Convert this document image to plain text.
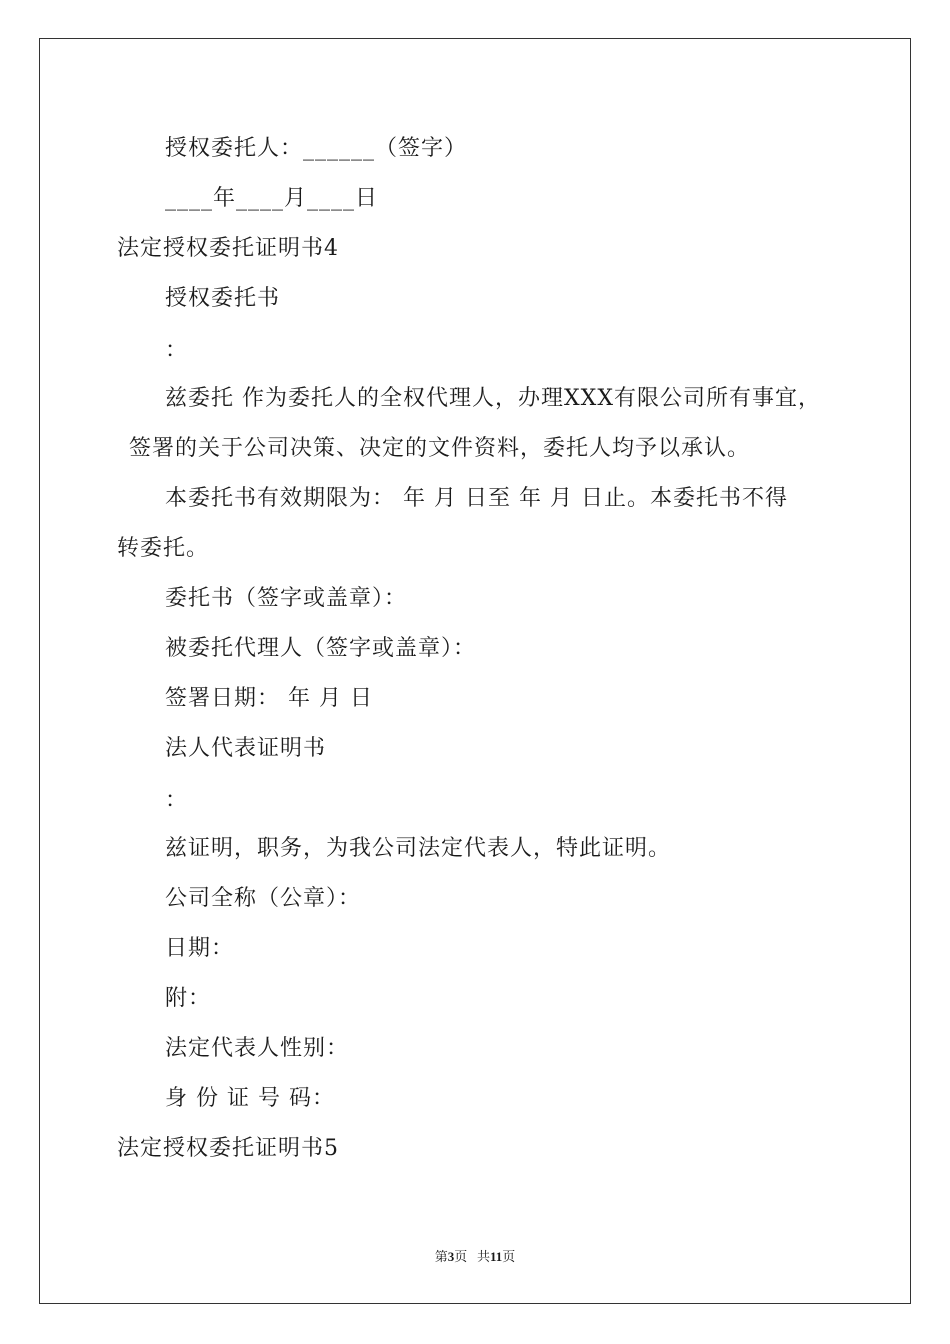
授权委托人：______（签字）
____年____月____日
法定授权委托证明书4
授权委托书
：
兹委托 作为委托人的全权代理人，办理XXX有限公司所有事宜，
签署的关于公司决策、决定的文件资料，委托人均予以承认。
本委托书有效期限为： 年 月 日至 年 月 日止。本委托书不得
转委托。
委托书（签字或盖章）：
被委托代理人（签字或盖章）：
签署日期： 年 月 日
法人代表证明书
：
兹证明，职务，为我公司法定代表人，特此证明。
公司全称（公章）：
日期：
附：
法定代表人性别：
身 份 证 号 码：
法定授权委托证明书5
第3页 共11页
